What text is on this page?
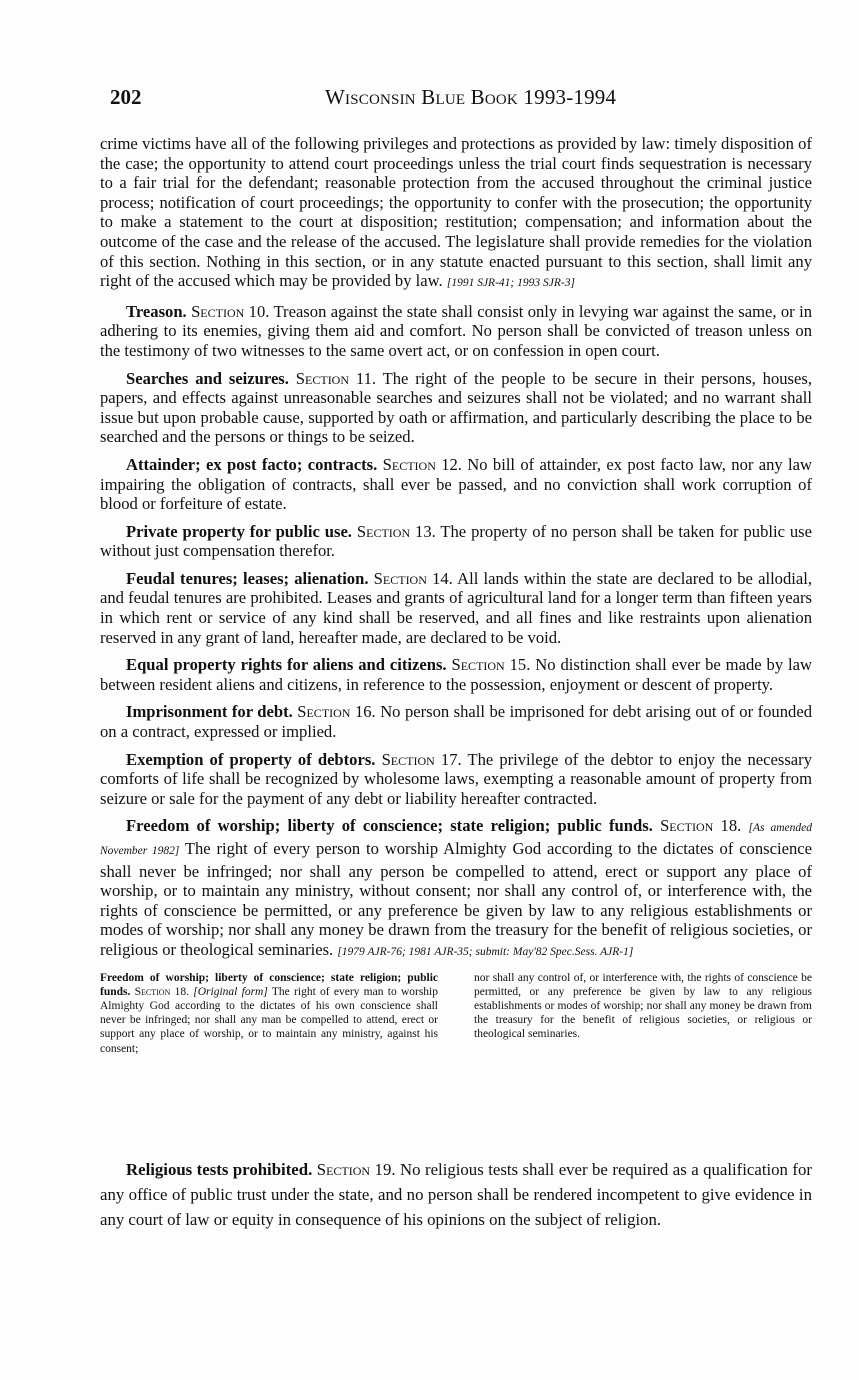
202	Wisconsin Blue Book 1993-1994

crime victims have all of the following privileges and protections as provided by law: timely disposition of the case; the opportunity to attend court proceedings unless the trial court finds sequestration is necessary to a fair trial for the defendant; reasonable protection from the accused throughout the criminal justice process; notification of court proceedings; the opportunity to confer with the prosecution; the opportunity to make a statement to the court at disposition; restitution; compensation; and information about the outcome of the case and the release of the accused. The legislature shall provide remedies for the violation of this section. Nothing in this section, or in any statute enacted pursuant to this section, shall limit any right of the accused which may be provided by law. [1991 SJR-41; 1993 SJR-3]

Treason. Section 10. Treason against the state shall consist only in levying war against the same, or in adhering to its enemies, giving them aid and comfort. No person shall be convicted of treason unless on the testimony of two witnesses to the same overt act, or on confession in open court.

Searches and seizures. Section 11. The right of the people to be secure in their persons, houses, papers, and effects against unreasonable searches and seizures shall not be violated; and no warrant shall issue but upon probable cause, supported by oath or affirmation, and particularly describing the place to be searched and the persons or things to be seized.

Attainder; ex post facto; contracts. Section 12. No bill of attainder, ex post facto law, nor any law impairing the obligation of contracts, shall ever be passed, and no conviction shall work corruption of blood or forfeiture of estate.

Private property for public use. Section 13. The property of no person shall be taken for public use without just compensation therefor.

Feudal tenures; leases; alienation. Section 14. All lands within the state are declared to be allodial, and feudal tenures are prohibited. Leases and grants of agricultural land for a longer term than fifteen years in which rent or service of any kind shall be reserved, and all fines and like restraints upon alienation reserved in any grant of land, hereafter made, are declared to be void.

Equal property rights for aliens and citizens. Section 15. No distinction shall ever be made by law between resident aliens and citizens, in reference to the possession, enjoyment or descent of property.

Imprisonment for debt. Section 16. No person shall be imprisoned for debt arising out of or founded on a contract, expressed or implied.

Exemption of property of debtors. Section 17. The privilege of the debtor to enjoy the necessary comforts of life shall be recognized by wholesome laws, exempting a reasonable amount of property from seizure or sale for the payment of any debt or liability hereafter contracted.

Freedom of worship; liberty of conscience; state religion; public funds. Section 18. [As amended November 1982] The right of every person to worship Almighty God according to the dictates of conscience shall never be infringed; nor shall any person be compelled to attend, erect or support any place of worship, or to maintain any ministry, without consent; nor shall any control of, or interference with, the rights of conscience be permitted, or any preference be given by law to any religious establishments or modes of worship; nor shall any money be drawn from the treasury for the benefit of religious societies, or religious or theological seminaries. [1979 AJR-76; 1981 AJR-35; submit: May'82 Spec.Sess. AJR-1]

Freedom of worship; liberty of conscience; state religion; public funds. Section 18. [Original form] The right of every man to worship Almighty God according to the dictates of his own conscience shall never be infringed; nor shall any man be compelled to attend, erect or support any place of worship, or to maintain any ministry, against his consent;
nor shall any control of, or interference with, the rights of conscience be permitted, or any preference be given by law to any religious establishments or modes of worship; nor shall any money be drawn from the treasury for the benefit of religious societies, or religious or theological seminaries.

Religious tests prohibited. Section 19. No religious tests shall ever be required as a qualification for any office of public trust under the state, and no person shall be rendered incompetent to give evidence in any court of law or equity in consequence of his opinions on the subject of religion.
